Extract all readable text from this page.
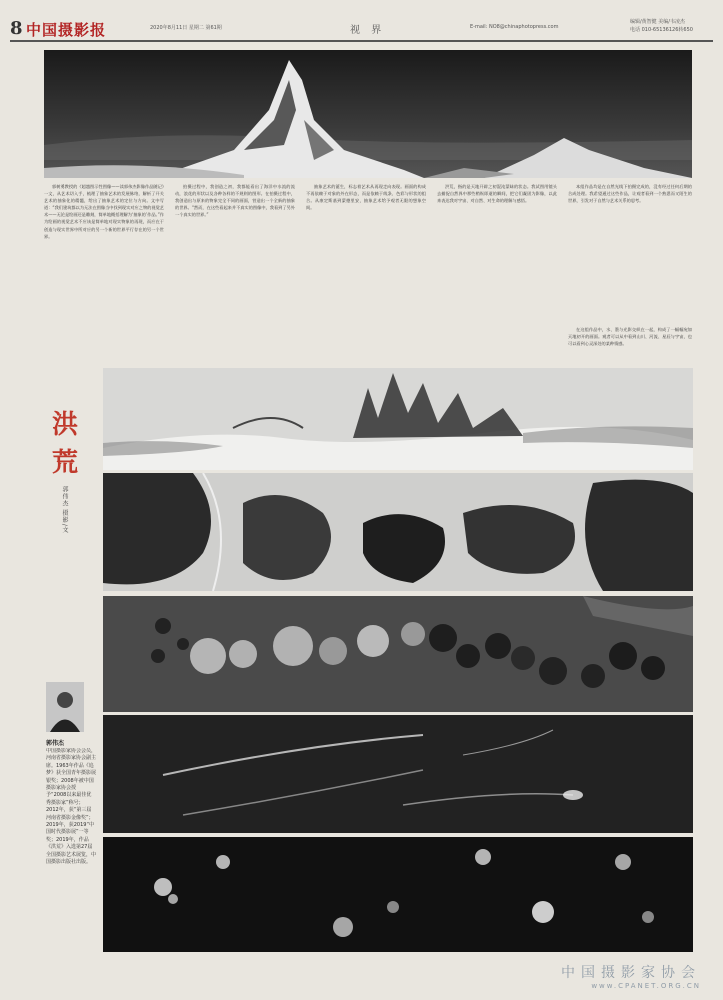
8 中国摄影报	2020年8月11日 星期二 第61期	视 界	E-mail: NO8@chinaphotopress.com
编辑/黄智健 美编/韦凌杰
电话 010-65136126转650

郭树勇教授的《超越图示性图像——读郭伟杰影像作品随记》一文，从艺术切入手，梳理了抽象艺术的发展脉络，解析了开关艺术的抽象化的精髓，给出了抽象艺术的定位与方向。文中写道：“我们建筑都以为无法在图像当中找到现实对应之物的视觉艺术——无论是绘画还是雕刻，简单地概括理解为‘抽象的’作品。”作为绘画的视觉艺术不应该是简单地对现实物象的再现，而应在于创造与现实世界中所对应的另一个新的世界平行存在的另一个世界。

拍摄过程中，我创造之初，我都能看出了海洋中水流的流动，浪花的形状以及各种各样的不规则的图形。在拍摄过程中，我创造出与原来的物象完全不同的画面，营造出一个全新的抽象的世界。“然而，在这些看起来并不真实的图像中，我看到了另外一个真实的世界。”

抽象艺术的诞生，标志着艺术从再现走向表现。画面的构成不再依赖于对象的外在形态，而是依赖于线条、色彩与形状的组合。从康定斯基到蒙德里安，抽象艺术给予观者无限的想象空间。

洪荒，指的是天地开辟之初混沌蒙昧的状态。我试图用镜头去捕捉自然界中那些稍纵即逝的瞬间，把它们凝固为影像，以此来表达我对宇宙、对自然、对生命的理解与感悟。

本组作品均是在自然光线下拍摄完成的，没有经过任何后期的合成处理。我希望通过这些作品，让观者看到一个熟悉而又陌生的世界，引发对于自然与艺术关系的思考。

在这组作品中，水、墨与光影交织在一起，构成了一幅幅宛如天地初开的画面。观者可以从中看到山川、河流、星辰与宇宙，也可以看到心灵深处的某种情感。

洪
荒
郭伟杰 摄影/文
郭伟杰
中国摄影家协会会员，河南省摄影家协会副主席。1963年作品《追梦》获全国青年摄影展银奖；2008年被中国摄影家协会授予“2008以来最佳优秀摄影家”称号；2012年，获“第三届河南省摄影金像奖”；2019年，获2019“中国时代摄影展”一等奖；2019年，作品《洪荒》入选第27届全国摄影艺术展览，中国摄影出版社出版。
中国摄影家协会
www.CPANET.ORG.CN
